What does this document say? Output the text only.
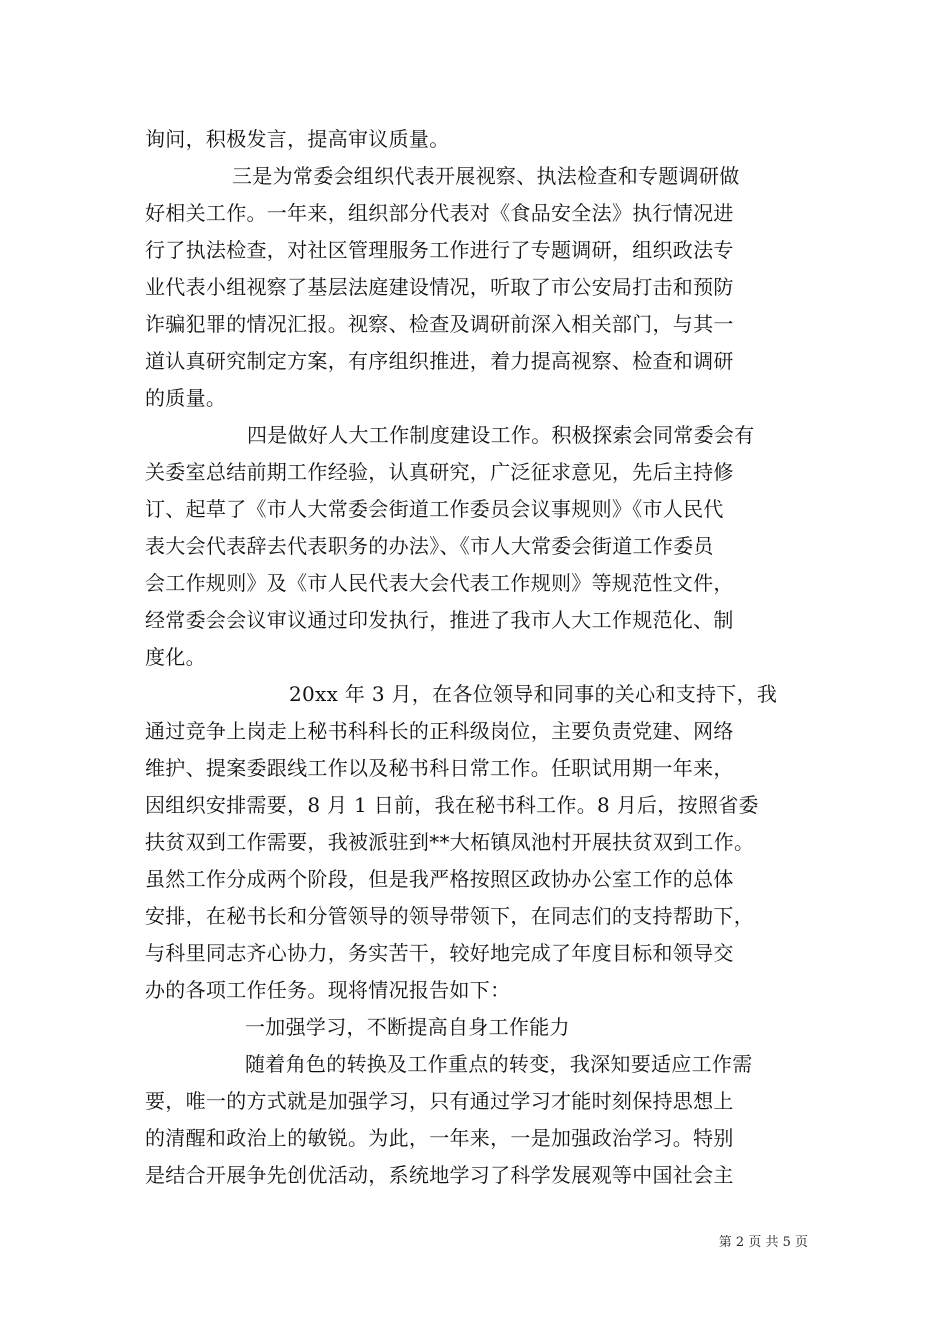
询问，积极发言，提高审议质量。
三是为常委会组织代表开展视察、执法检查和专题调研做
好相关工作。一年来，组织部分代表对《食品安全法》执行情况进
行了执法检查，对社区管理服务工作进行了专题调研，组织政法专
业代表小组视察了基层法庭建设情况，听取了市公安局打击和预防
诈骗犯罪的情况汇报。视察、检查及调研前深入相关部门，与其一
道认真研究制定方案，有序组织推进，着力提高视察、检查和调研
的质量。
四是做好人大工作制度建设工作。积极探索会同常委会有
关委室总结前期工作经验，认真研究，广泛征求意见，先后主持修
订、起草了《市人大常委会街道工作委员会议事规则》《市人民代
表大会代表辞去代表职务的办法》、《市人大常委会街道工作委员
会工作规则》及《市人民代表大会代表工作规则》等规范性文件，
经常委会会议审议通过印发执行，推进了我市人大工作规范化、制
度化。
20xx 年 3 月，在各位领导和同事的关心和支持下，我
通过竞争上岗走上秘书科科长的正科级岗位，主要负责党建、网络
维护、提案委跟线工作以及秘书科日常工作。任职试用期一年来，
因组织安排需要，8 月 1 日前，我在秘书科工作。8 月后，按照省委
扶贫双到工作需要，我被派驻到**大柘镇凤池村开展扶贫双到工作。
虽然工作分成两个阶段，但是我严格按照区政协办公室工作的总体
安排，在秘书长和分管领导的领导带领下，在同志们的支持帮助下，
与科里同志齐心协力，务实苦干，较好地完成了年度目标和领导交
办的各项工作任务。现将情况报告如下：
一加强学习，不断提高自身工作能力
随着角色的转换及工作重点的转变，我深知要适应工作需
要，唯一的方式就是加强学习，只有通过学习才能时刻保持思想上
的清醒和政治上的敏锐。为此，一年来，一是加强政治学习。特别
是结合开展争先创优活动，系统地学习了科学发展观等中国社会主
第 2 页 共 5 页
